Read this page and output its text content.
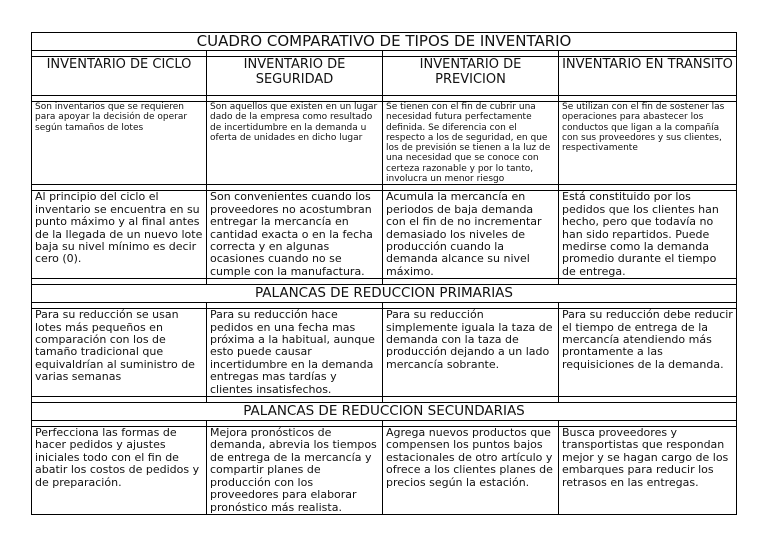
CUADRO COMPARATIVO DE TIPOS DE INVENTARIO			

INVENTARIO DE CICLO	INVENTARIO DE SEGURIDAD	INVENTARIO DE PREVICION	INVENTARIO EN TRANSITO

Son inventarios que se requieren para apoyar la decisión de operar según tamaños de lotes	Son aquellos que existen en un lugar dado de la empresa como resultado de incertidumbre en la demanda u oferta de unidades en dicho lugar	Se tienen con el fin de cubrir una necesidad futura perfectamente definida. Se diferencia con el respecto a los de seguridad, en que los de previsión se tienen a la luz de una necesidad que se conoce con certeza razonable y por lo tanto, involucra un menor riesgo	Se utilizan con el fin de sostener las operaciones para abastecer los conductos que ligan a la compañía con sus proveedores y sus clientes, respectivamente

Al principio del ciclo el inventario se encuentra en su punto máximo y al final antes de la llegada de un nuevo lote baja su nivel mínimo es decir cero (0).	Son convenientes cuando los proveedores no acostumbran entregar la mercancía en cantidad exacta o en la fecha correcta y en algunas ocasiones cuando no se cumple con la manufactura.	Acumula la mercancía en periodos de baja demanda con el fin de no incrementar demasiado los niveles de producción cuando la demanda alcance su nivel máximo.	Está constituido por los pedidos que los clientes han hecho, pero que todavía no han sido repartidos. Puede medirse como la demanda promedio durante el tiempo de entrega.

PALANCAS DE REDUCCION PRIMARIAS			

Para su reducción se usan lotes más pequeños en comparación con los de tamaño tradicional que equivaldrían al suministro de varias semanas	Para su reducción hace pedidos en una fecha mas próxima a la habitual, aunque esto puede causar incertidumbre en la demanda entregas mas tardías y clientes insatisfechos.	Para su reducción simplemente iguala la taza de demanda con la taza de producción dejando a un lado mercancía sobrante.	Para su reducción debe reducir el tiempo de entrega de la mercancía atendiendo más prontamente a las requisiciones de la demanda.

PALANCAS DE REDUCCION SECUNDARIAS			

Perfecciona las formas de hacer pedidos y ajustes iniciales todo con el fin de abatir los costos de pedidos y de preparación.	Mejora pronósticos de demanda, abrevia los tiempos de entrega de la mercancía y compartir planes de producción con los proveedores para elaborar pronóstico más realista.	Agrega nuevos productos que compensen los puntos bajos estacionales de otro artículo y ofrece a los clientes planes de precios según la estación.	Busca proveedores y transportistas que respondan mejor y se hagan cargo de los embarques para reducir los retrasos en las entregas.
